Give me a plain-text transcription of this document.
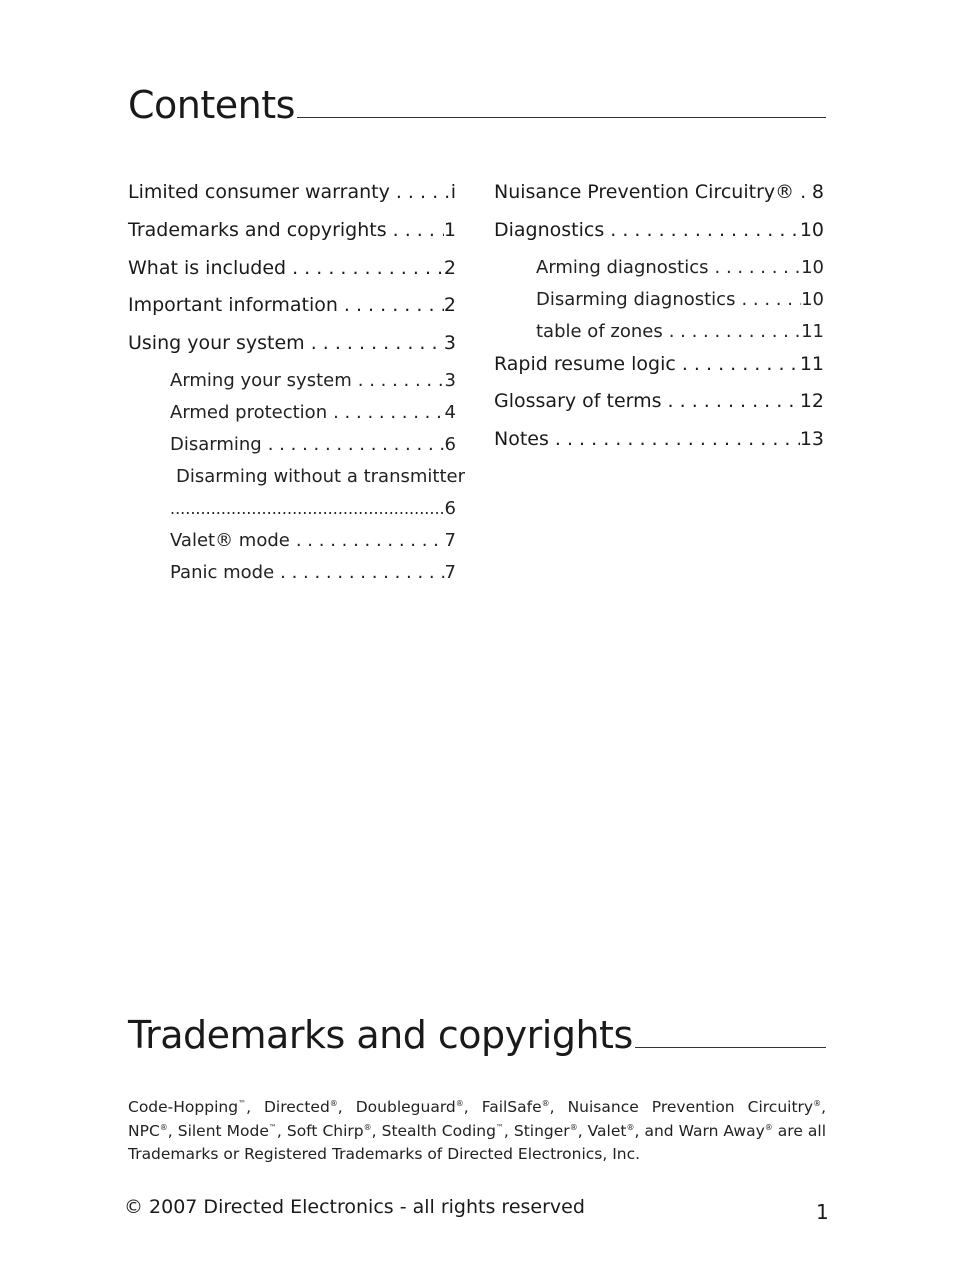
Contents
Limited consumer warranty . . .	i
Trademarks and copyrights . . .	1
What is included . . .	2
Important information . . .	2
Using your system . . .	3
Arming your system . . .	3
Armed protection . . .	4
Disarming . . .	6
Disarming without a transmitter
.....
6
Valet® mode . . .	7
Panic mode . . .	7
Nuisance Prevention Circuitry® . . . 8
Diagnostics . . .	10
Arming diagnostics . . .	10
Disarming diagnostics . . .	10
table of zones . . .	11
Rapid resume logic . . .	11
Glossary of terms . . .	12
Notes . . .	13
Trademarks and copyrights
Code-Hopping™, Directed®, Doubleguard®, FailSafe®, Nuisance Prevention Circuitry®, NPC®, Silent Mode™, Soft Chirp®, Stealth Coding™, Stinger®, Valet®, and Warn Away® are all Trademarks or Registered Trademarks of Directed Electronics, Inc.
© 2007 Directed Electronics - all rights reserved	1
